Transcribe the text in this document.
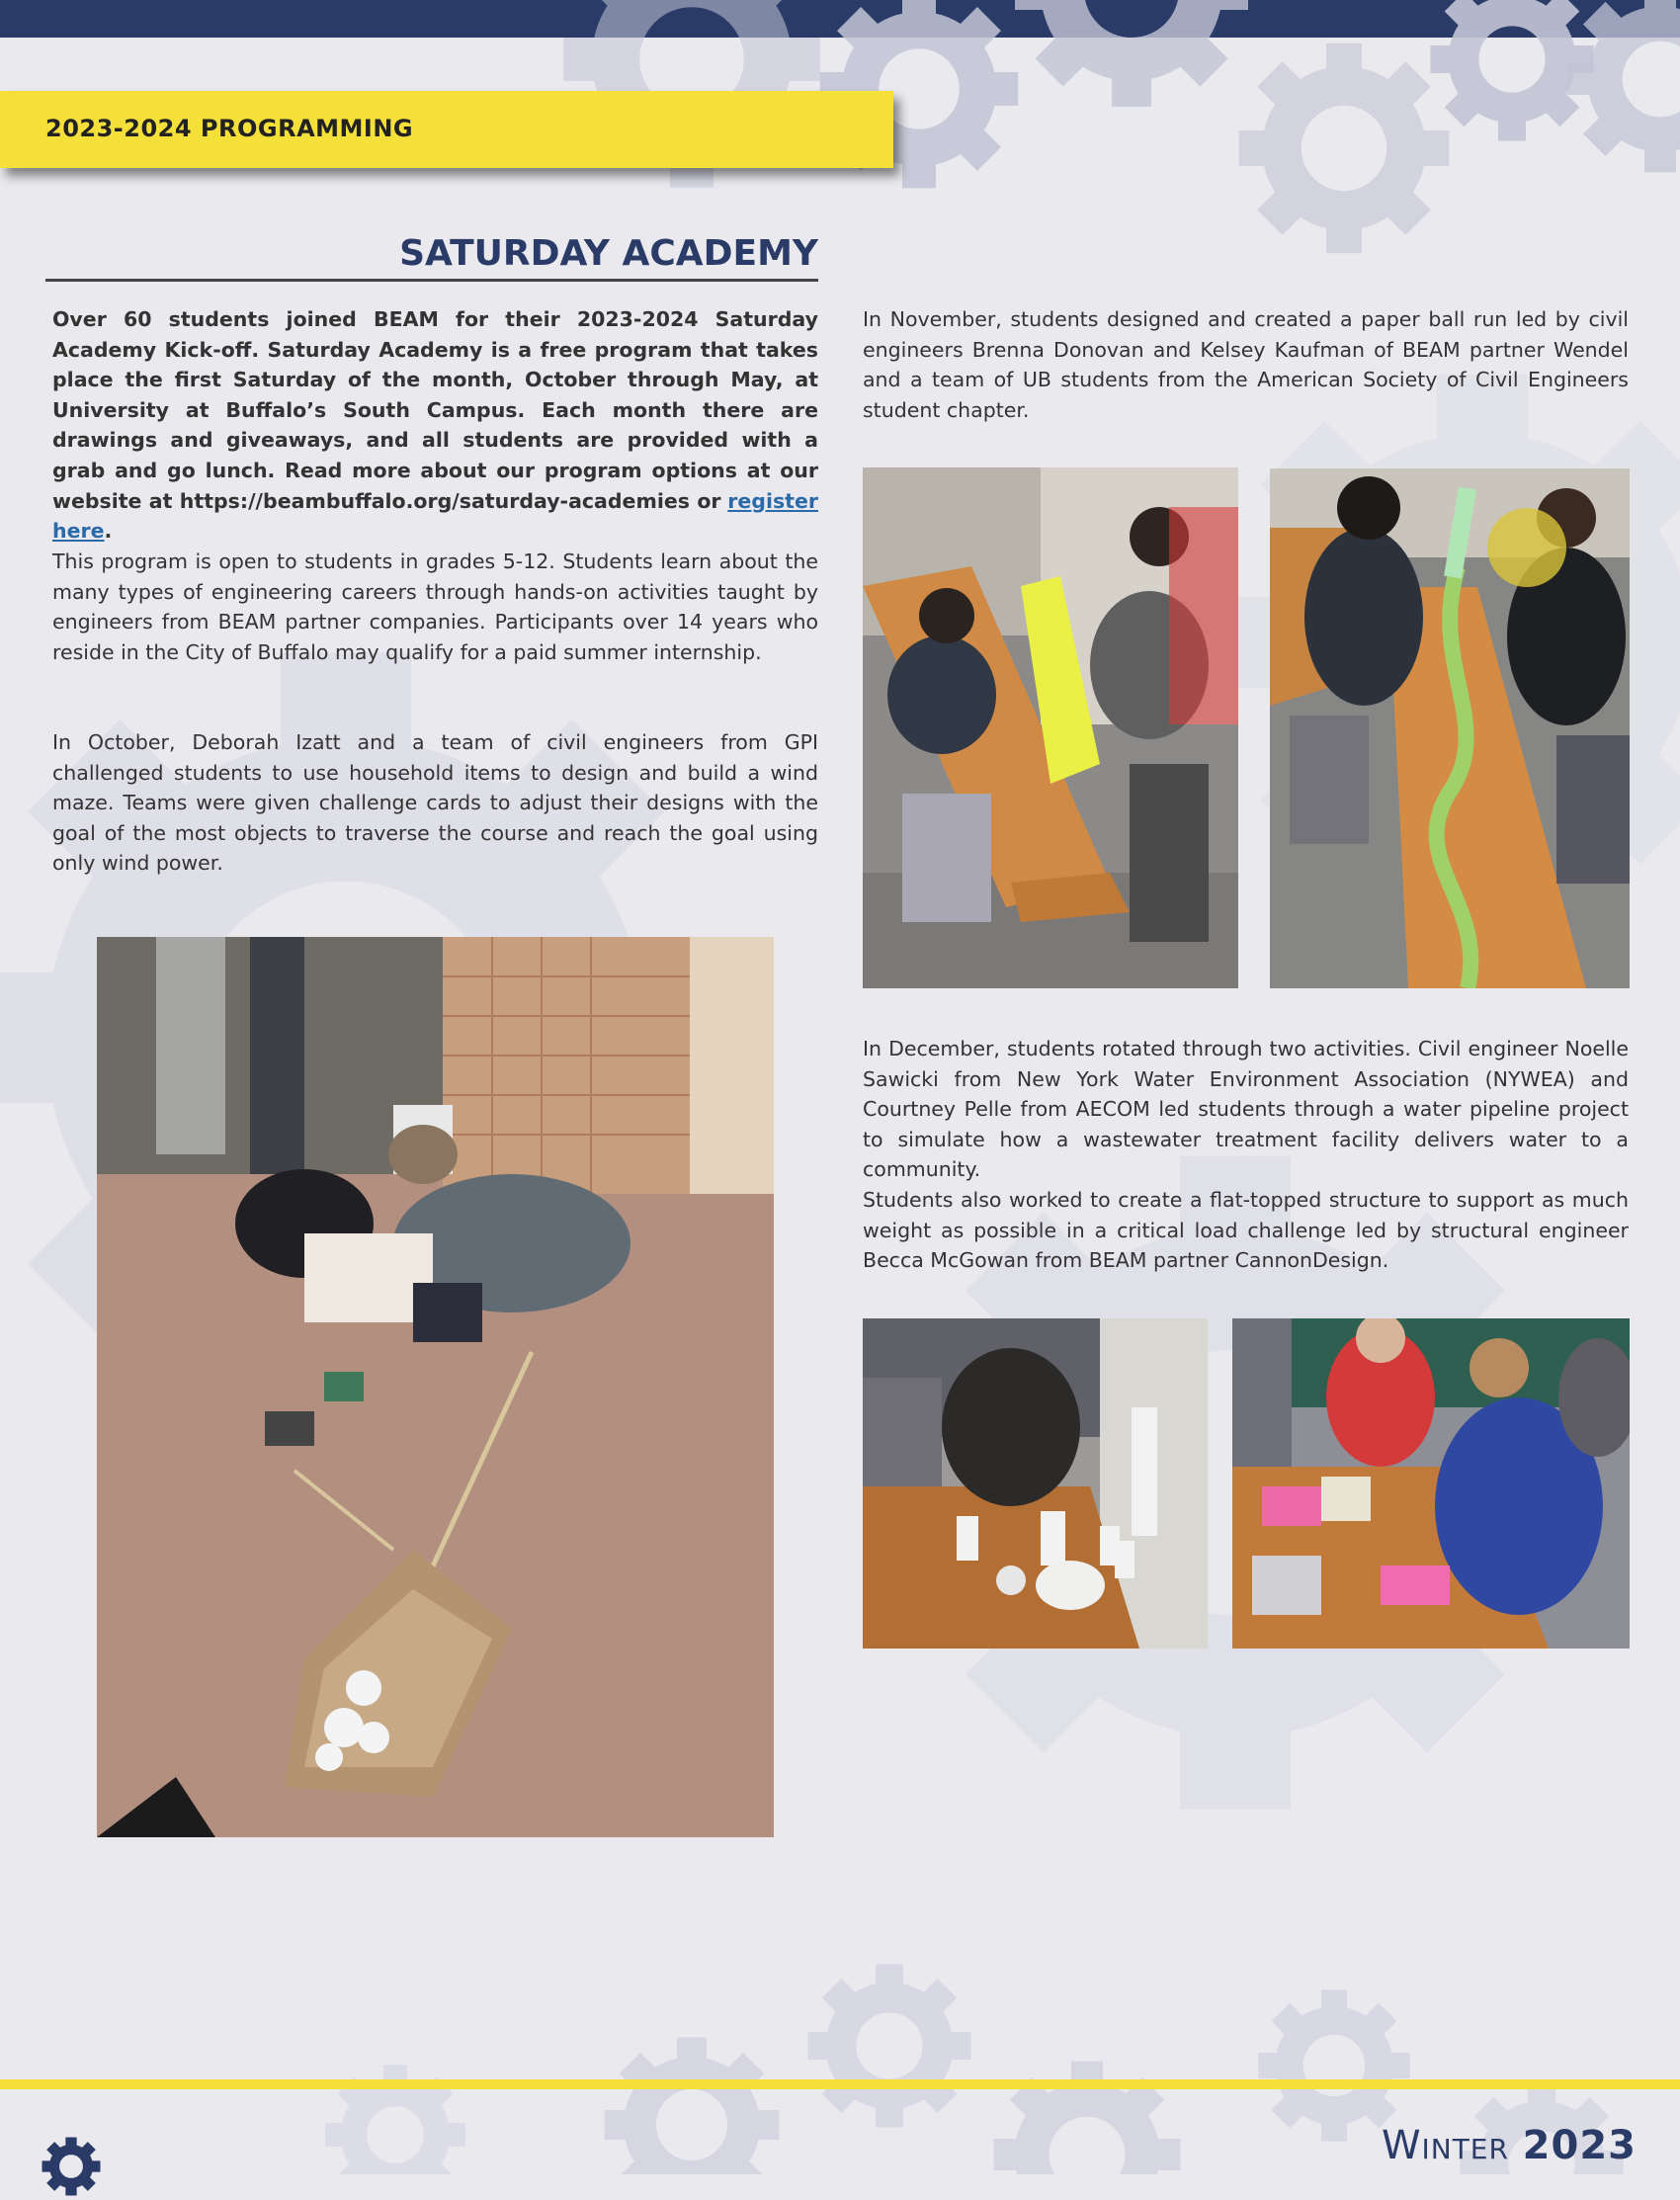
2023-2024 PROGRAMMING
SATURDAY ACADEMY
Over 60 students joined BEAM for their 2023-2024 Saturday Academy Kick-off. Saturday Academy is a free program that takes place the first Saturday of the month, October through May, at University at Buffalo’s South Campus. Each month there are drawings and giveaways, and all students are provided with a grab and go lunch. Read more about our program options at our website at https://beambuffalo.org/saturday-academies or register here.
This program is open to students in grades 5-12. Students learn about the many types of engineering careers through hands-on activities taught by engineers from BEAM partner companies. Participants over 14 years who reside in the City of Buffalo may qualify for a paid summer internship.
In October, Deborah Izatt and a team of civil engineers from GPI challenged students to use household items to design and build a wind maze. Teams were given challenge cards to adjust their designs with the goal of the most objects to traverse the course and reach the goal using only wind power.
In November, students designed and created a paper ball run led by civil engineers Brenna Donovan and Kelsey Kaufman of BEAM partner Wendel and a team of UB students from the American Society of Civil Engineers student chapter.
In December, students rotated through two activities. Civil engineer Noelle Sawicki from New York Water Environment Association (NYWEA) and Courtney Pelle from AECOM led students through a water pipeline project to simulate how a wastewater treatment facility delivers water to a community.
Students also worked to create a flat-topped structure to support as much weight as possible in a critical load challenge led by structural engineer Becca McGowan from BEAM partner CannonDesign.
Winter 2023
